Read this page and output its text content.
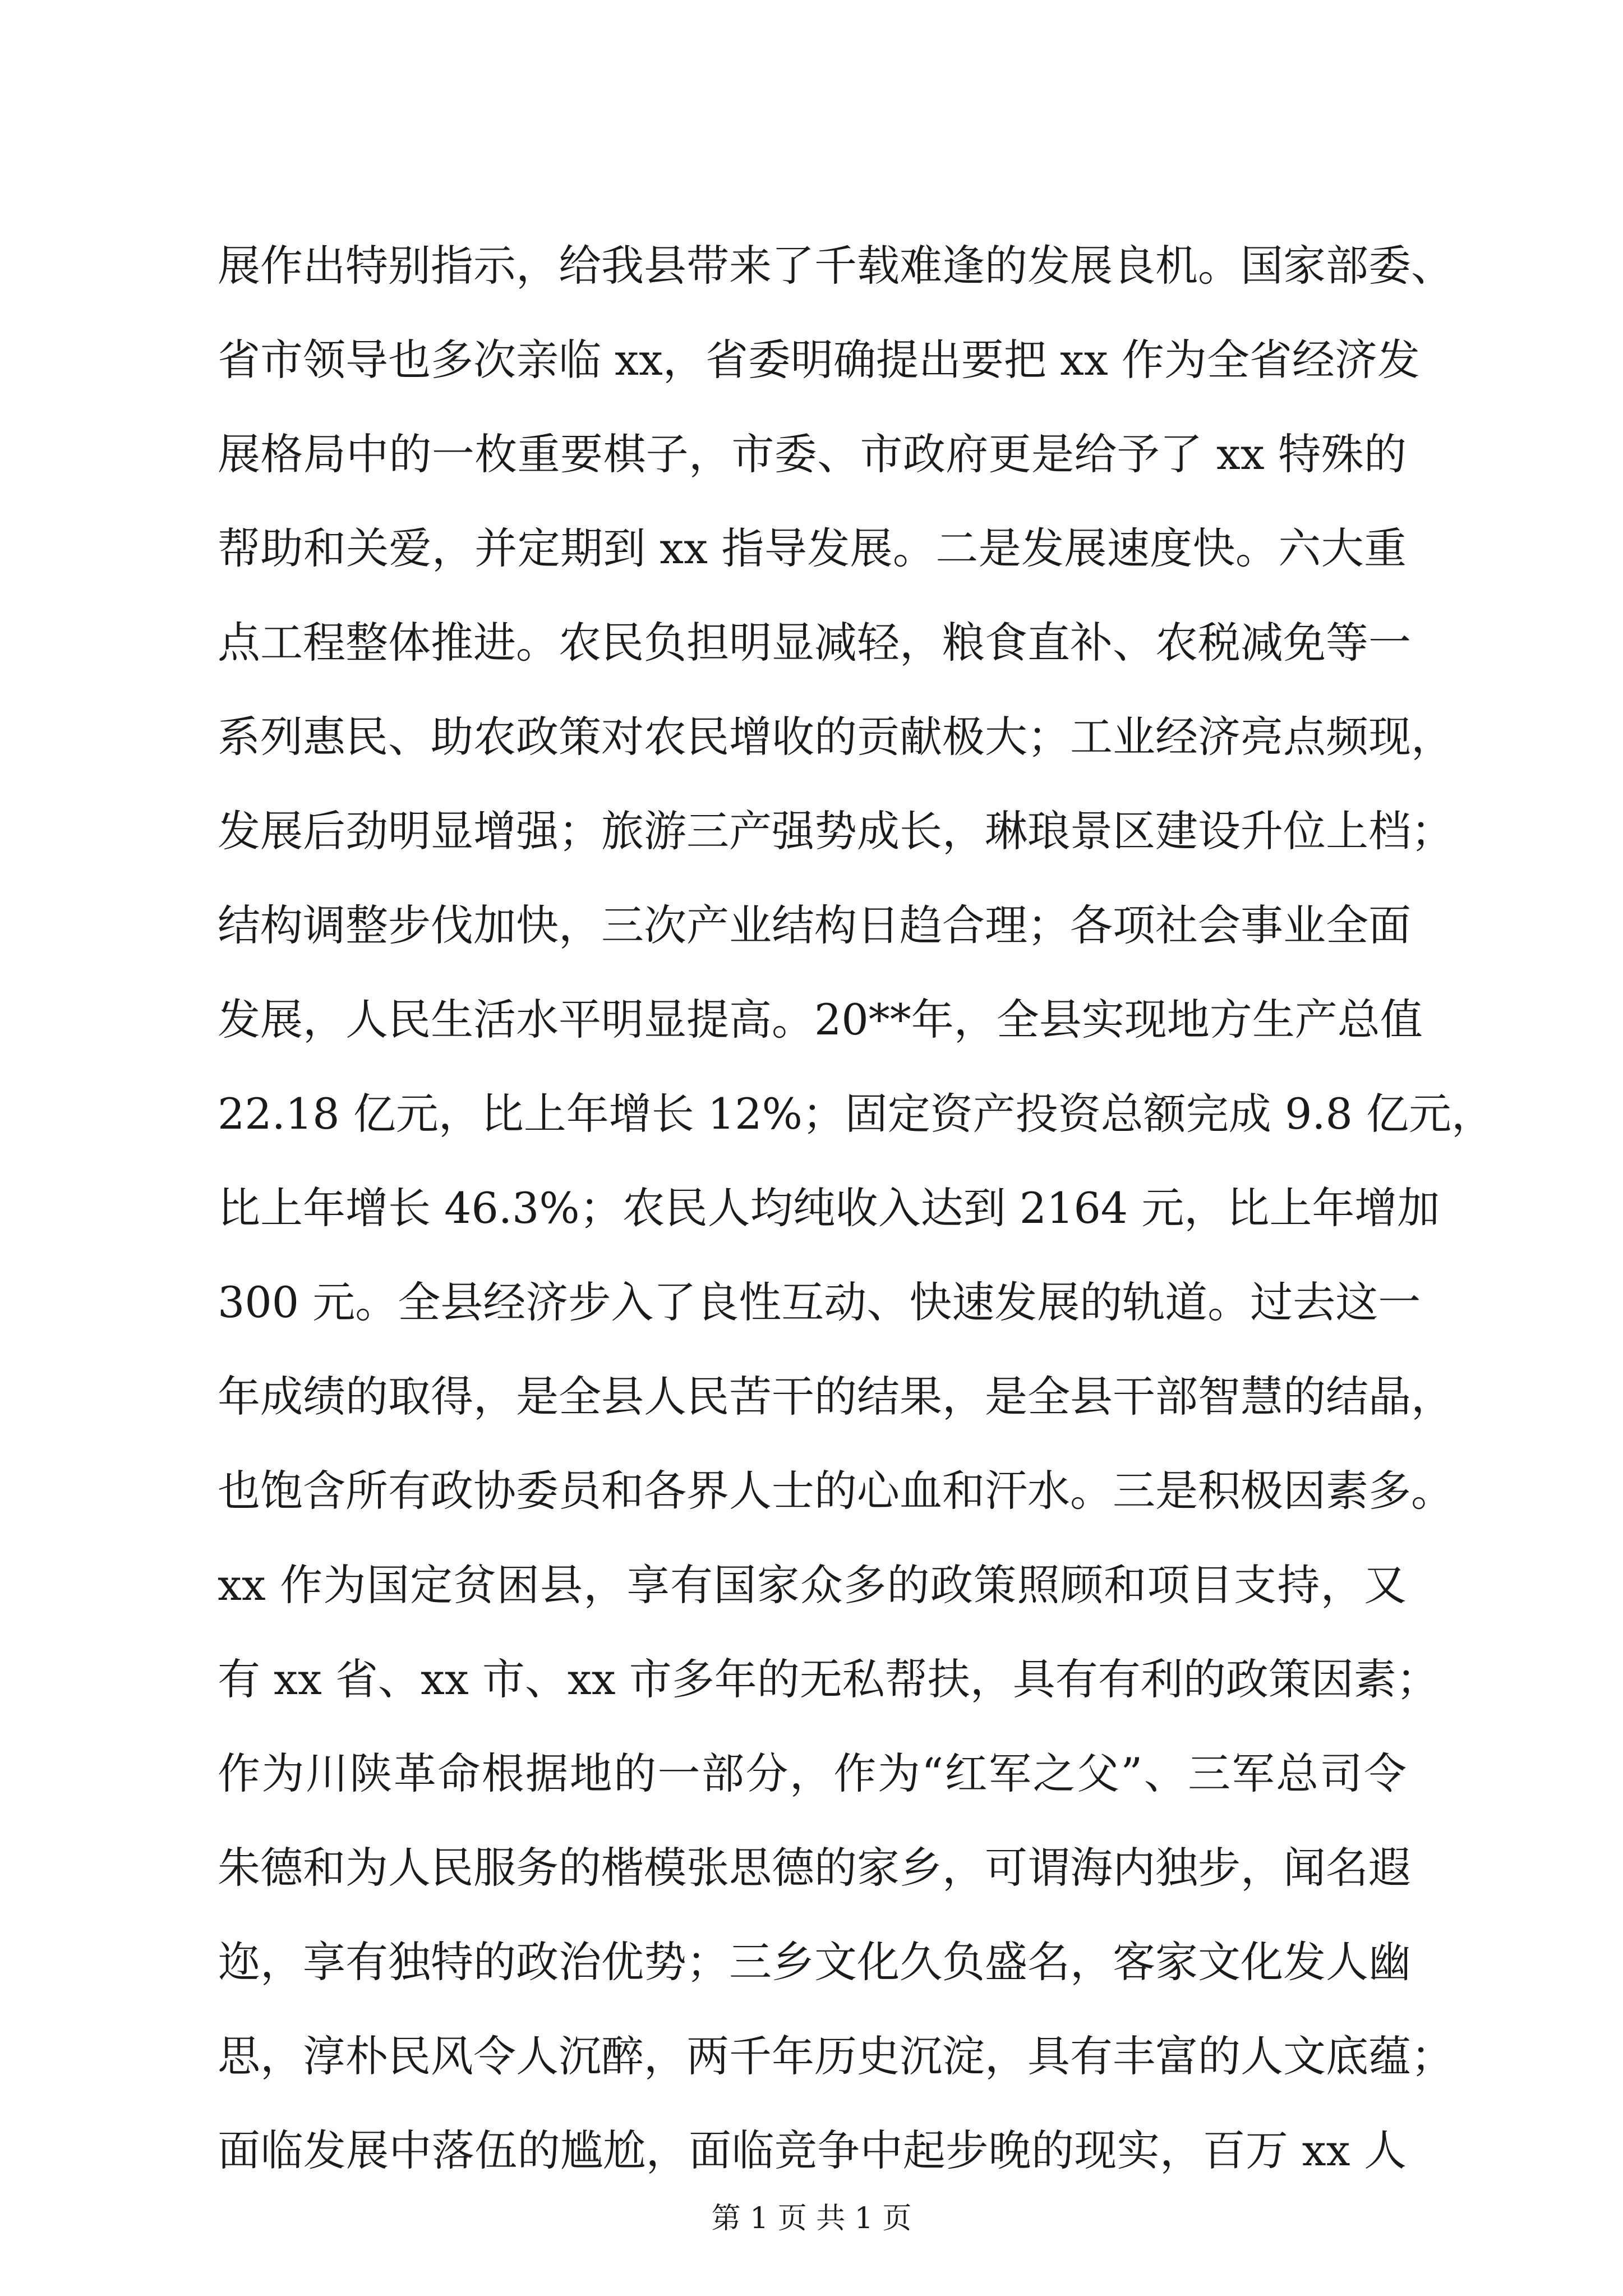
展作出特别指示，给我县带来了千载难逢的发展良机。国家部委、
省市领导也多次亲临 xx，省委明确提出要把 xx 作为全省经济发
展格局中的一枚重要棋子，市委、市政府更是给予了 xx 特殊的
帮助和关爱，并定期到 xx 指导发展。二是发展速度快。六大重
点工程整体推进。农民负担明显减轻，粮食直补、农税减免等一
系列惠民、助农政策对农民增收的贡献极大；工业经济亮点频现，
发展后劲明显增强；旅游三产强势成长，琳琅景区建设升位上档；
结构调整步伐加快，三次产业结构日趋合理；各项社会事业全面
发展，人民生活水平明显提高。20**年，全县实现地方生产总值
22.18 亿元，比上年增长 12%；固定资产投资总额完成 9.8 亿元，
比上年增长 46.3%；农民人均纯收入达到 2164 元，比上年增加
300 元。全县经济步入了良性互动、快速发展的轨道。过去这一
年成绩的取得，是全县人民苦干的结果，是全县干部智慧的结晶，
也饱含所有政协委员和各界人士的心血和汗水。三是积极因素多。
xx 作为国定贫困县，享有国家众多的政策照顾和项目支持，又
有 xx 省、xx 市、xx 市多年的无私帮扶，具有有利的政策因素；
作为川陕革命根据地的一部分，作为“红军之父”、三军总司令
朱德和为人民服务的楷模张思德的家乡，可谓海内独步，闻名遐
迩，享有独特的政治优势；三乡文化久负盛名，客家文化发人幽
思，淳朴民风令人沉醉，两千年历史沉淀，具有丰富的人文底蕴；
面临发展中落伍的尴尬，面临竞争中起步晚的现实，百万 xx 人
第 1 页 共 1 页
